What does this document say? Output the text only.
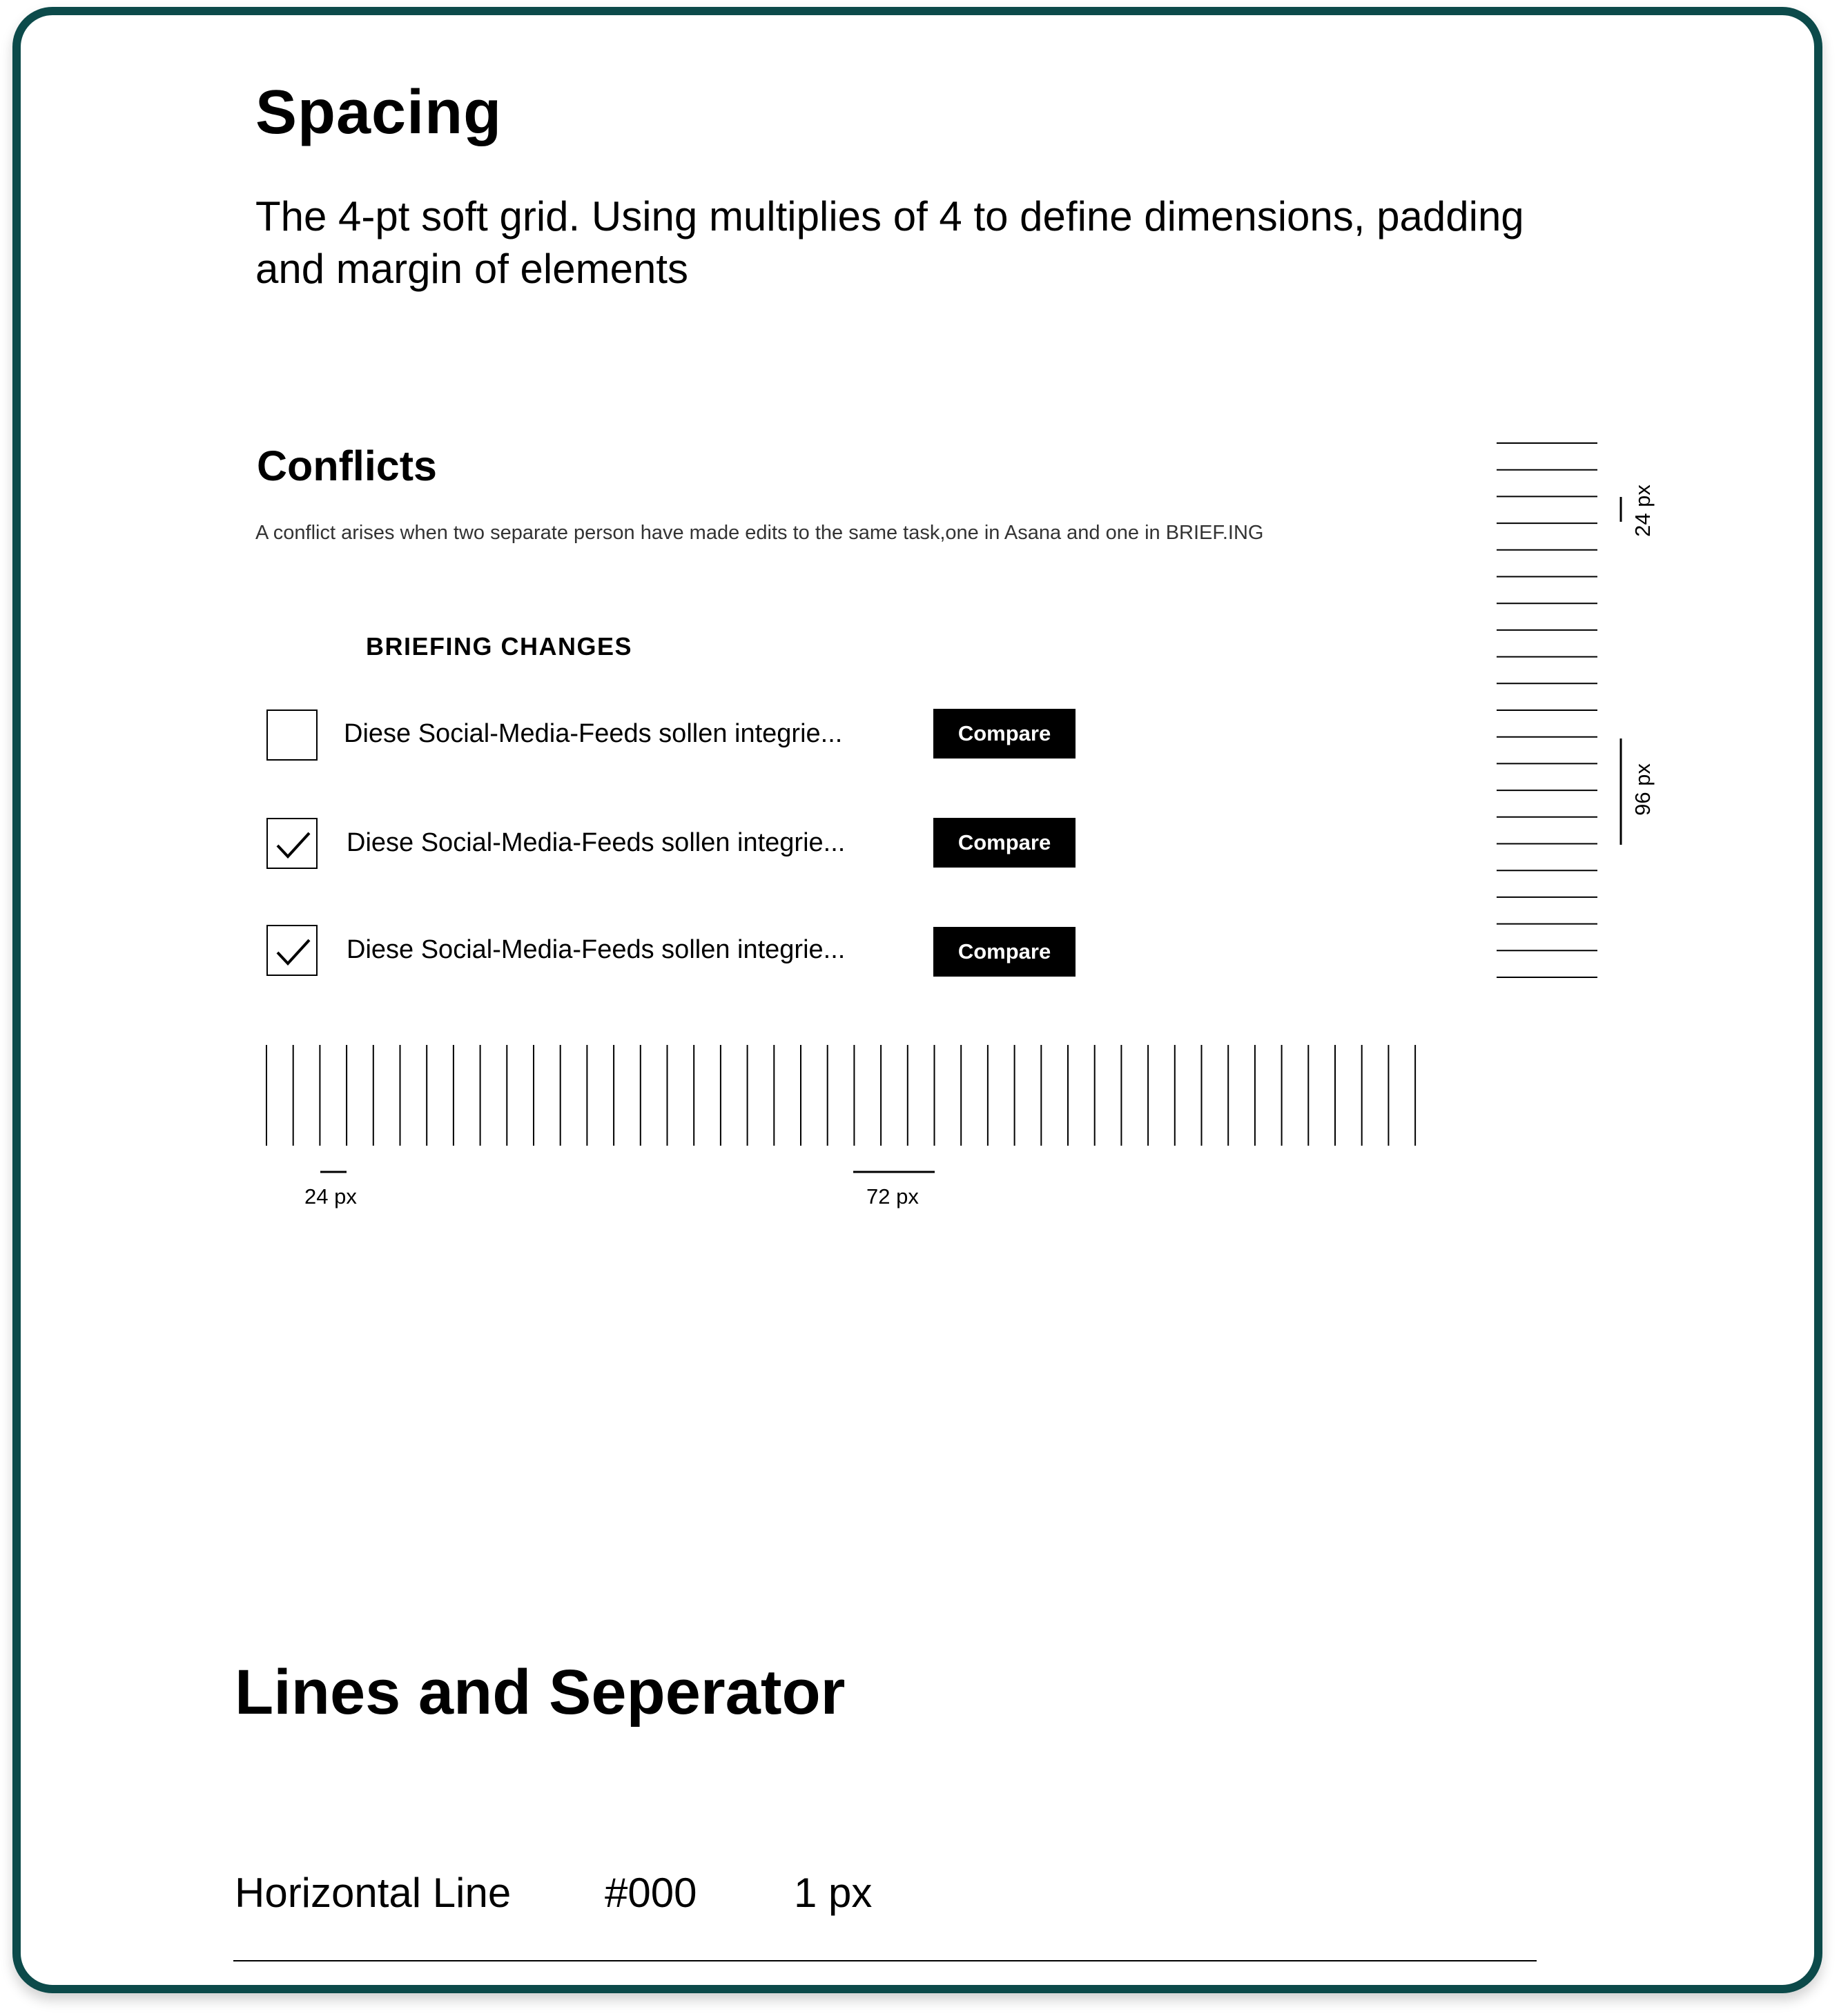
Spacing
The 4-pt soft grid. Using multiplies of 4 to define dimensions, padding and margin of elements
Conflicts
A conflict arises when two separate person have made edits to the same task,one in Asana and one in BRIEF.ING
BRIEFING CHANGES
Diese Social-Media-Feeds sollen integrie...	Compare
Diese Social-Media-Feeds sollen integrie...	Compare
Diese Social-Media-Feeds sollen integrie...	Compare
24 px	72 px
24 px
96 px
Lines and Seperator
Horizontal Line #000 1 px
